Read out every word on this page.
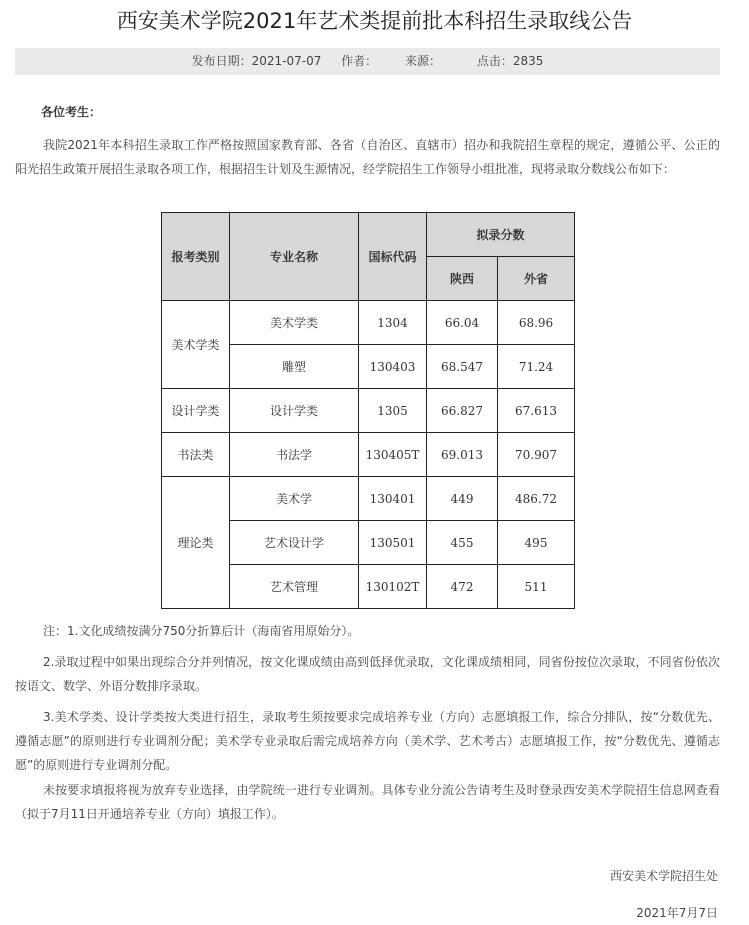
西安美术学院2021年艺术类提前批本科招生录取线公告
发布日期：2021-07-07 作者： 来源：	点击：2835
各位考生：
我院2021年本科招生录取工作严格按照国家教育部、各省（自治区、直辖市）招办和我院招生章程的规定，遵循公平、公正的阳光招生政策开展招生录取各项工作，根据招生计划及生源情况，经学院招生工作领导小组批准，现将录取分数线公布如下：
报考类别	专业名称	国标代码	拟录分数	
			陕西	外省
美术学类	美术学类	1304	66.04	68.96
	雕塑	130403	68.547	71.24
设计学类	设计学类	1305	66.827	67.613
书法类	书法学	130405T	69.013	70.907
理论类	美术学	130401	449	486.72
	艺术设计学	130501	455	495
	艺术管理	130102T	472	511
注：1.文化成绩按满分750分折算后计（海南省用原始分）。
2.录取过程中如果出现综合分并列情况，按文化课成绩由高到低择优录取，文化课成绩相同，同省份按位次录取，不同省份依次按语文、数学、外语分数排序录取。
3.美术学类、设计学类按大类进行招生，录取考生须按要求完成培养专业（方向）志愿填报工作，综合分排队，按“分数优先、遵循志愿”的原则进行专业调剂分配；美术学专业录取后需完成培养方向（美术学、艺术考古）志愿填报工作，按“分数优先、遵循志愿”的原则进行专业调剂分配。
未按要求填报将视为放弃专业选择，由学院统一进行专业调剂。具体专业分流公告请考生及时登录西安美术学院招生信息网查看（拟于7月11日开通培养专业（方向）填报工作）。
西安美术学院招生处
2021年7月7日
